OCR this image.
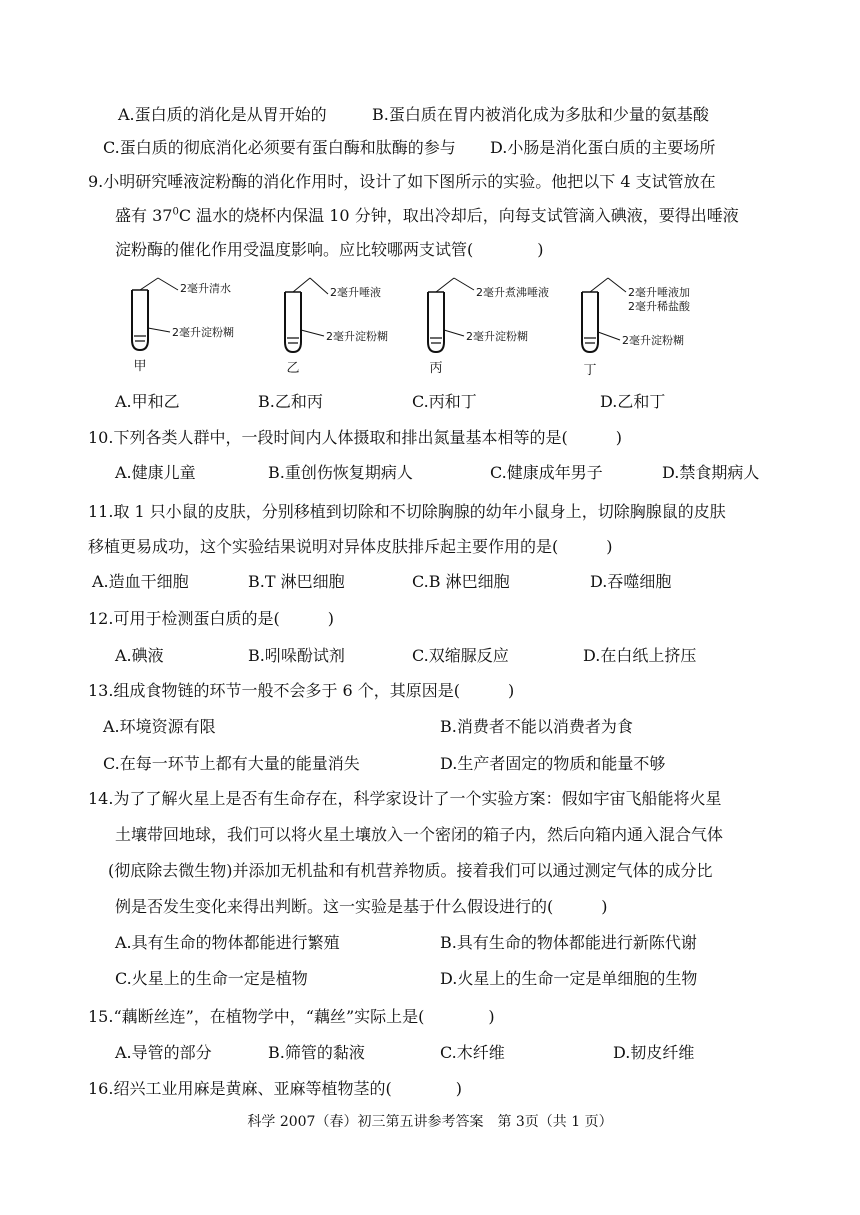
A.蛋白质的消化是从胃开始的	B.蛋白质在胃内被消化成为多肽和少量的氨基酸
C.蛋白质的彻底消化必须要有蛋白酶和肽酶的参与 D.小肠是消化蛋白质的主要场所
9.小明研究唾液淀粉酶的消化作用时，设计了如下图所示的实验。他把以下 4 支试管放在
盛有 $37^0C$ 温水的烧杯内保温 10 分钟，取出冷却后，向每支试管滴入碘液，要得出唾液
淀粉酶的催化作用受温度影响。应比较哪两支试管(　　　　)
2毫升清水
2毫升淀粉糊
甲
2毫升唾液
2毫升淀粉糊
乙
2毫升煮沸唾液
2毫升淀粉糊
丙
2毫升唾液加
2毫升稀盐酸
2毫升淀粉糊
丁
A.甲和乙	B.乙和丙	C.丙和丁	D.乙和丁
10.下列各类人群中，一段时间内人体摄取和排出氮量基本相等的是(　　　)
A.健康儿童	B.重创伤恢复期病人	C.健康成年男子	D.禁食期病人
11.取 1 只小鼠的皮肤，分别移植到切除和不切除胸腺的幼年小鼠身上，切除胸腺鼠的皮肤
移植更易成功，这个实验结果说明对异体皮肤排斥起主要作用的是(　　　)
A.造血干细胞	B.T 淋巴细胞	C.B 淋巴细胞	D.吞噬细胞
12.可用于检测蛋白质的是(　　　)
A.碘液	B.吲哚酚试剂	C.双缩脲反应	D.在白纸上挤压
13.组成食物链的环节一般不会多于 6 个，其原因是(　　　)
A.环境资源有限	B.消费者不能以消费者为食
C.在每一环节上都有大量的能量消失	D.生产者固定的物质和能量不够
14.为了了解火星上是否有生命存在，科学家设计了一个实验方案：假如宇宙飞船能将火星
土壤带回地球，我们可以将火星土壤放入一个密闭的箱子内，然后向箱内通入混合气体
(彻底除去微生物)并添加无机盐和有机营养物质。接着我们可以通过测定气体的成分比
例是否发生变化来得出判断。这一实验是基于什么假设进行的(　　　)
A.具有生命的物体都能进行繁殖	B.具有生命的物体都能进行新陈代谢
C.火星上的生命一定是植物	D.火星上的生命一定是单细胞的生物
15.“藕断丝连”，在植物学中，“藕丝”实际上是(　　　　)
A.导管的部分	B.筛管的黏液	C.木纤维	D.韧皮纤维
16.绍兴工业用麻是黄麻、亚麻等植物茎的(　　　　)
科学 2007（春）初三第五讲参考答案　第 3页（共 1 页）
